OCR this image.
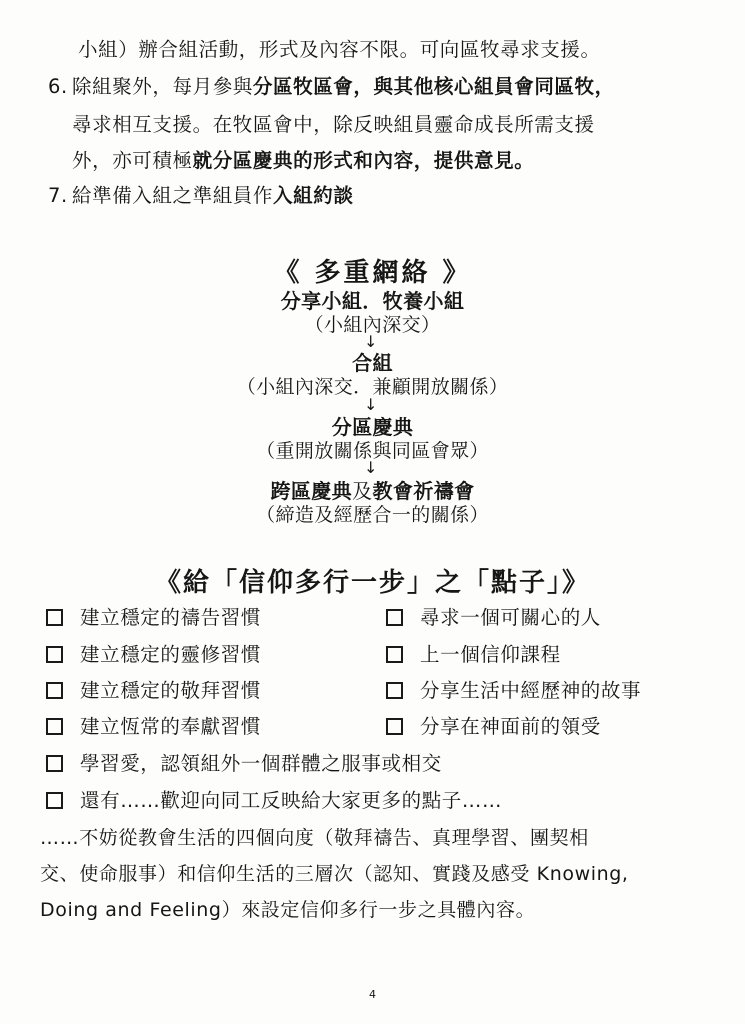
小組）辦合組活動，形式及內容不限。可向區牧尋求支援。
6. 除組聚外，每月參與分區牧區會，與其他核心組員會同區牧，
尋求相互支援。在牧區會中，除反映組員靈命成長所需支援
外，亦可積極就分區慶典的形式和內容，提供意見。
7. 給準備入組之準組員作入組約談
《 多重網絡 》
分享小組．牧養小組
（小組內深交）
↓
合組
（小組內深交．兼顧開放關係）
↓
分區慶典
（重開放關係與同區會眾）
↓
跨區慶典及教會祈禱會
（締造及經歷合一的關係）
《給「信仰多行一步」之「點子」》
建立穩定的禱告習慣	尋求一個可關心的人
建立穩定的靈修習慣	上一個信仰課程
建立穩定的敬拜習慣	分享生活中經歷神的故事
建立恆常的奉獻習慣	分享在神面前的領受
學習愛，認領組外一個群體之服事或相交
還有……歡迎向同工反映給大家更多的點子……
……不妨從教會生活的四個向度（敬拜禱告、真理學習、團契相
交、使命服事）和信仰生活的三層次（認知、實踐及感受 Knowing,
Doing and Feeling）來設定信仰多行一步之具體內容。
4
